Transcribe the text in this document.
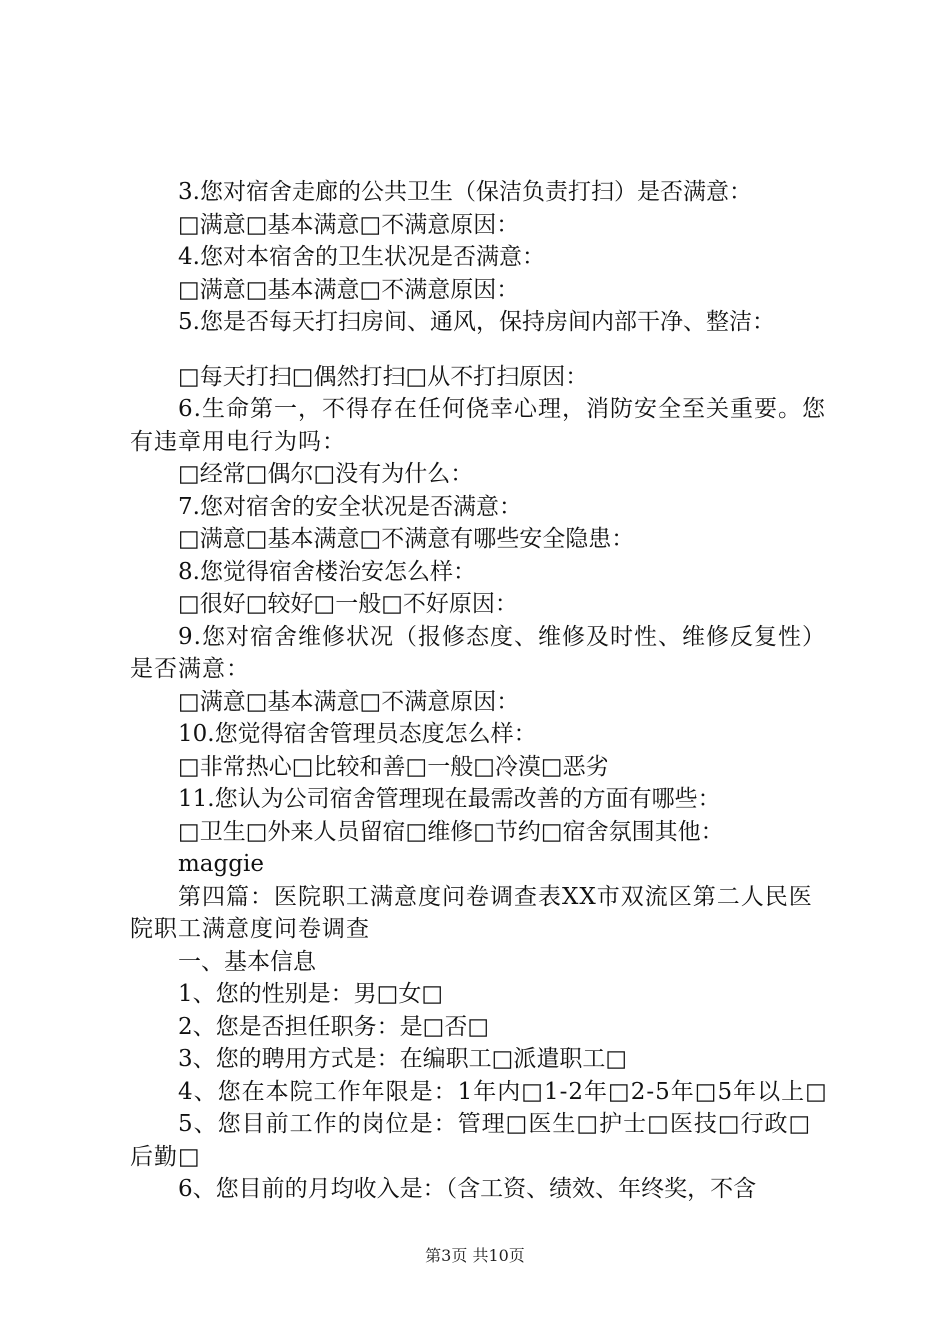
3.您对宿舍走廊的公共卫生（保洁负责打扫）是否满意：
□满意□基本满意□不满意原因：
4.您对本宿舍的卫生状况是否满意：
□满意□基本满意□不满意原因：
5.您是否每天打扫房间、通风，保持房间内部干净、整洁：
□每天打扫□偶然打扫□从不打扫原因：
6.生命第一，不得存在任何侥幸心理，消防安全至关重要。您有违章用电行为吗：
□经常□偶尔□没有为什么：
7.您对宿舍的安全状况是否满意：
□满意□基本满意□不满意有哪些安全隐患：
8.您觉得宿舍楼治安怎么样：
□很好□较好□一般□不好原因：
9.您对宿舍维修状况（报修态度、维修及时性、维修反复性）是否满意：
□满意□基本满意□不满意原因：
10.您觉得宿舍管理员态度怎么样：
□非常热心□比较和善□一般□冷漠□恶劣
11.您认为公司宿舍管理现在最需改善的方面有哪些：
□卫生□外来人员留宿□维修□节约□宿舍氛围其他：
maggie
第四篇：医院职工满意度问卷调查表XX市双流区第二人民医院职工满意度问卷调查
一、基本信息
1、您的性别是：男□女□
2、您是否担任职务：是□否□
3、您的聘用方式是：在编职工□派遣职工□
4、您在本院工作年限是：1年内□1-2年□2-5年□5年以上□
5、您目前工作的岗位是：管理□医生□护士□医技□行政□后勤□
6、您目前的月均收入是：（含工资、绩效、年终奖，不含
第3页 共10页
